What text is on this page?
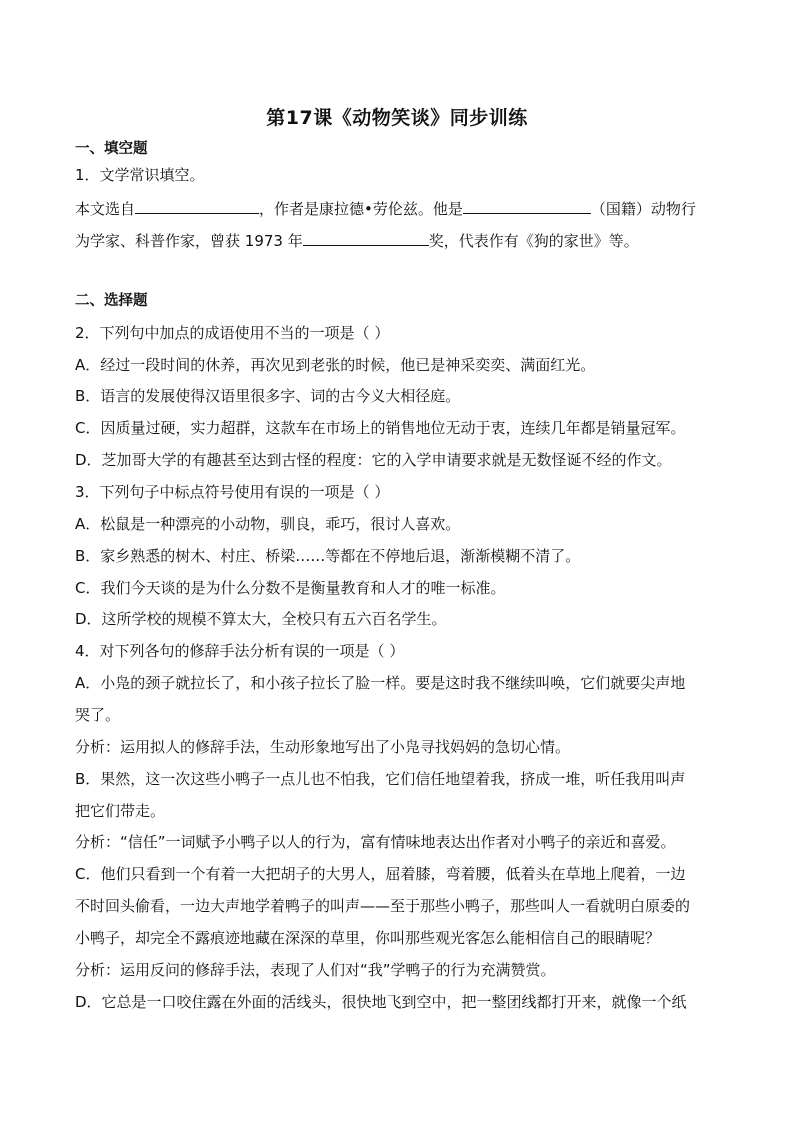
第17课《动物笑谈》同步训练
一、填空题
1．文学常识填空。
本文选自	，作者是康拉德•劳伦兹。他是	（国籍）动物行
为学家、科普作家，曾获 1973 年	奖，代表作有《狗的家世》等。
二、选择题
2．下列句中加点的成语使用不当的一项是（ ）
A．经过一段时间的休养，再次见到老张的时候，他已是神采奕奕、满面红光。
B．语言的发展使得汉语里很多字、词的古今义大相径庭。
C．因质量过硬，实力超群，这款车在市场上的销售地位无动于衷，连续几年都是销量冠军。
D．芝加哥大学的有趣甚至达到古怪的程度：它的入学申请要求就是无数怪诞不经的作文。
3．下列句子中标点符号使用有误的一项是（ ）
A．松鼠是一种漂亮的小动物，驯良，乖巧，很讨人喜欢。
B．家乡熟悉的树木、村庄、桥梁……等都在不停地后退，渐渐模糊不清了。
C．我们今天谈的是为什么分数不是衡量教育和人才的唯一标准。
D．这所学校的规模不算太大，全校只有五六百名学生。
4．对下列各句的修辞手法分析有误的一项是（ ）
A．小凫的颈子就拉长了，和小孩子拉长了脸一样。要是这时我不继续叫唤，它们就要尖声地
哭了。
分析：运用拟人的修辞手法，生动形象地写出了小凫寻找妈妈的急切心情。
B．果然，这一次这些小鸭子一点儿也不怕我，它们信任地望着我，挤成一堆，听任我用叫声
把它们带走。
分析：“信任”一词赋予小鸭子以人的行为，富有情味地表达出作者对小鸭子的亲近和喜爱。
C．他们只看到一个有着一大把胡子的大男人，屈着膝，弯着腰，低着头在草地上爬着，一边
不时回头偷看，一边大声地学着鸭子的叫声——至于那些小鸭子，那些叫人一看就明白原委的
小鸭子，却完全不露痕迹地藏在深深的草里，你叫那些观光客怎么能相信自己的眼睛呢？
分析：运用反问的修辞手法，表现了人们对“我”学鸭子的行为充满赞赏。
D．它总是一口咬住露在外面的活线头，很快地飞到空中，把一整团线都打开来，就像一个纸
